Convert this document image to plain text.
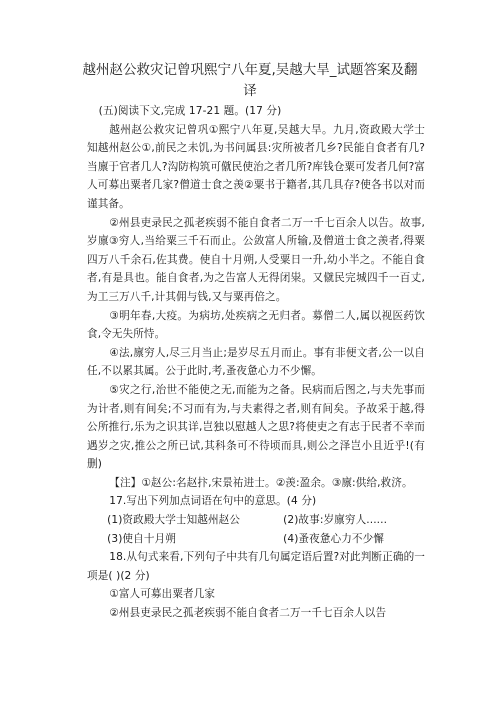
越州赵公救灾记曾巩熙宁八年夏,吴越大旱_试题答案及翻译

(五)阅读下文,完成 17-21 题。(17 分)

越州赵公救灾记曾巩①熙宁八年夏,吴越大旱。九月,资政殿大学士知越州赵公①,前民之未饥,为书问属县:灾所被者几乡?民能自食者有几?当廪于官者几人?沟防构筑可僦民使治之者几所?库钱仓粟可发者几何?富人可募出粟者几家?僧道士食之羡②粟书于籍者,其几具存?使各书以对而谨其备。

②州县吏录民之孤老疾弱不能自食者二万一千七百余人以告。故事,岁廪③穷人,当给粟三千石而止。公敛富人所输,及僧道士食之羡者,得粟四万八千余石,佐其费。使自十月朔,人受粟日一升,幼小半之。不能自食者,有是具也。能自食者,为之告富人无得闭粜。又僦民完城四千一百丈,为工三万八千,计其佣与钱,又与粟再倍之。

③明年春,大疫。为病坊,处疾病之无归者。募僧二人,属以视医药饮食,令无失所恃。

④法,廪穷人,尽三月当止;是岁尽五月而止。事有非便文者,公一以自任,不以累其属。公于此时,考,蚤夜惫心力不少懈。

⑤灾之行,治世不能使之无,而能为之备。民病而后图之,与夫先事而为计者,则有间矣;不习而有为,与夫素得之者,则有间矣。予故采于越,得公所推行,乐为之识其详,岂独以慰越人之思?将使吏之有志于民者不幸而遇岁之灾,推公之所已试,其科条可不待顷而具,则公之泽岂小且近乎!(有删)

【注】①赵公:名赵抃,宋景祐进士。②羡:盈余。③廪:供给,救济。

17.写出下列加点词语在句中的意思。(4 分)

(1)资政殿大学士知越州赵公	(2)故事:岁廪穷人......
(3)使自十月朔	(4)蚤夜惫心力不少懈

18.从句式来看,下列句子中共有几句属定语后置?对此判断正确的一项是( )(2 分)

①富人可募出粟者几家

②州县吏录民之孤老疾弱不能自食者二万一千七百余人以告
